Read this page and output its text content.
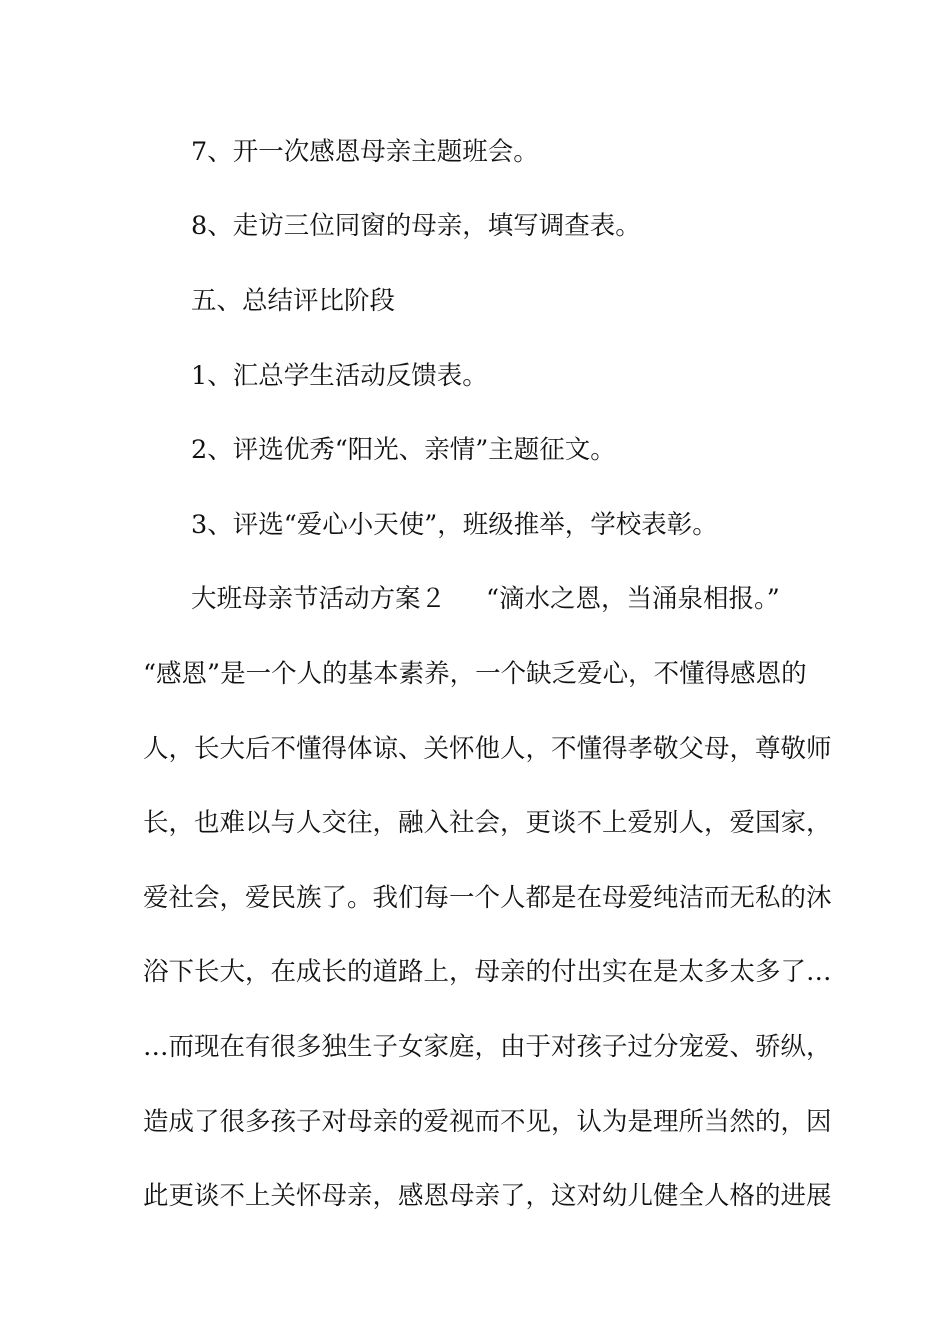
7、开一次感恩母亲主题班会。
8、走访三位同窗的母亲，填写调查表。
五、总结评比阶段
1、汇总学生活动反馈表。
2、评选优秀“阳光、亲情”主题征文。
3、评选“爱心小天使”，班级推举，学校表彰。
大班母亲节活动方案２ “滴水之恩，当涌泉相报。”
“感恩”是一个人的基本素养，一个缺乏爱心，不懂得感恩的
人，长大后不懂得体谅、关怀他人，不懂得孝敬父母，尊敬师
长，也难以与人交往，融入社会，更谈不上爱别人，爱国家，
爱社会，爱民族了。我们每一个人都是在母爱纯洁而无私的沐
浴下长大，在成长的道路上，母亲的付出实在是太多太多了…
…而现在有很多独生子女家庭，由于对孩子过分宠爱、骄纵，
造成了很多孩子对母亲的爱视而不见，认为是理所当然的，因
此更谈不上关怀母亲，感恩母亲了，这对幼儿健全人格的进展
